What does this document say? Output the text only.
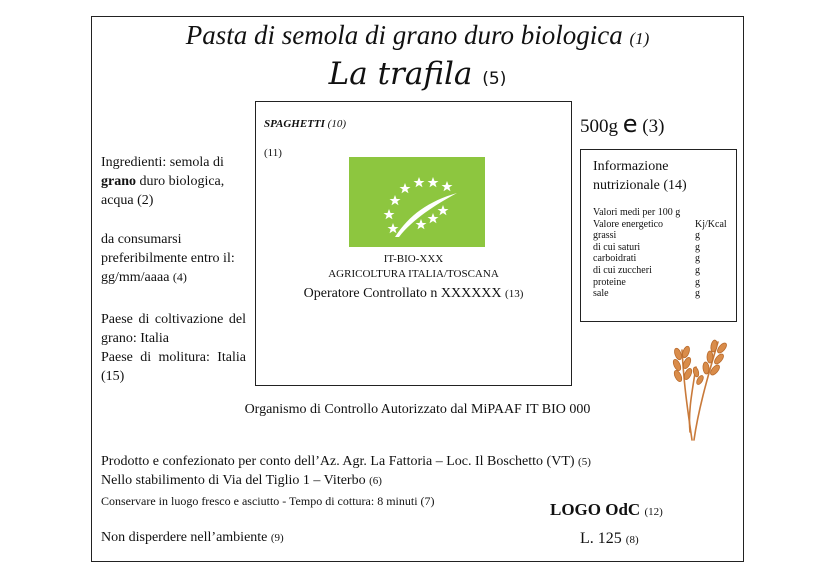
Pasta di semola di grano duro biologica (1)
La trafila (5)
SPAGHETTI (10)
(11)
IT-BIO-XXX
AGRICOLTURA ITALIA/TOSCANA
Operatore Controllato n XXXXXX (13)
500g e (3)
Ingredienti: semola di grano duro biologica, acqua (2)
da consumarsi preferibilmente entro il: gg/mm/aaaa (4)
Paese di coltivazione del grano: Italia
Paese di molitura: Italia (15)
Informazione nutrizionale (14)
Valori medi per 100 g
Valore energetico	Kj/Kcal
grassi	g
di cui saturi	g
carboidrati	g
di cui zuccheri	g
proteine	g
sale	g
Organismo di Controllo Autorizzato dal MiPAAF IT BIO 000
Prodotto e confezionato per conto dell’Az. Agr. La Fattoria – Loc. Il Boschetto (VT) (5)
Nello stabilimento di Via del Tiglio 1 – Viterbo (6)
Conservare in luogo fresco e asciutto - Tempo di cottura: 8 minuti (7)
Non disperdere nell’ambiente (9)
LOGO OdC (12)
L. 125 (8)
